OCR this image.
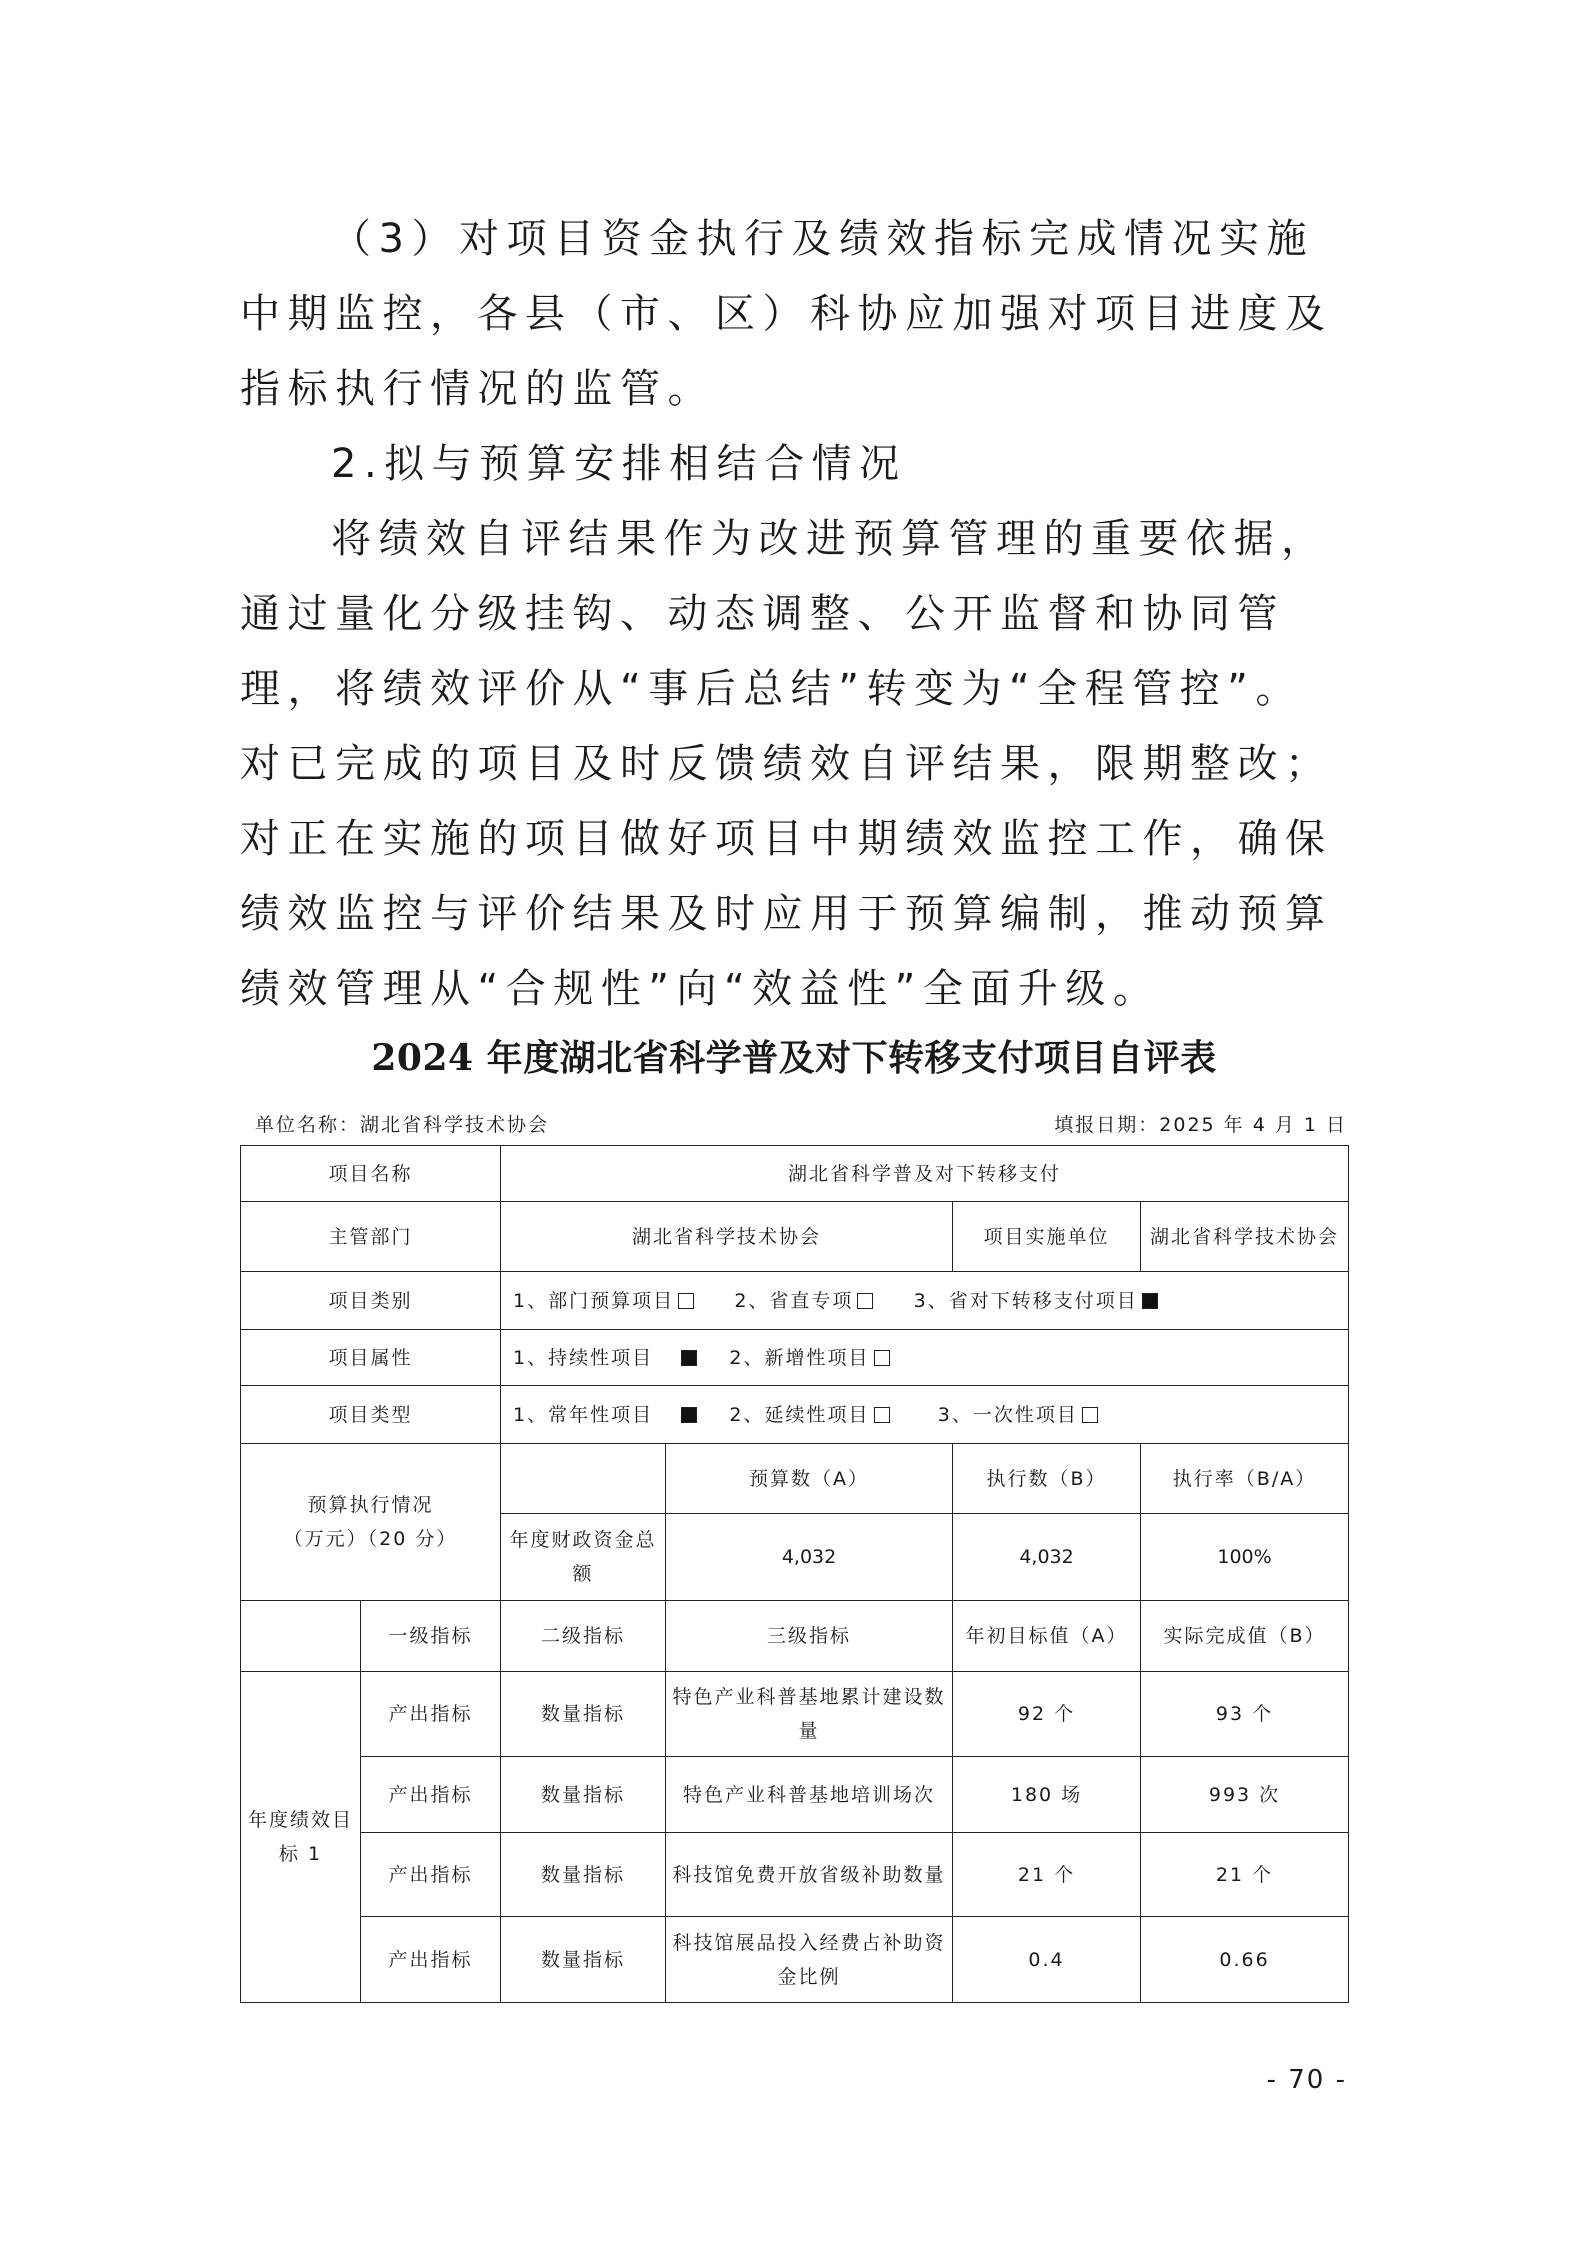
（3）对项目资金执行及绩效指标完成情况实施中期监控，各县（市、区）科协应加强对项目进度及指标执行情况的监管。

2.拟与预算安排相结合情况

将绩效自评结果作为改进预算管理的重要依据，通过量化分级挂钩、动态调整、公开监督和协同管理，将绩效评价从“事后总结”转变为“全程管控”。对已完成的项目及时反馈绩效自评结果，限期整改；对正在实施的项目做好项目中期绩效监控工作，确保绩效监控与评价结果及时应用于预算编制，推动预算绩效管理从“合规性”向“效益性”全面升级。

2024 年度湖北省科学普及对下转移支付项目自评表
单位名称：湖北省科学技术协会	填报日期：2025 年 4 月 1 日
项目名称		湖北省科学普及对下转移支付			
主管部门		湖北省科学技术协会		项目实施单位	湖北省科学技术协会
项目类别		1、部门预算项目 2、省直专项 3、省对下转移支付项目			
项目属性		1、持续性项目 2、新增性项目			
项目类型		1、常年性项目 2、延续性项目 3、一次性项目			

预算执行情况
（万元）（20 分）			预算数（A）	执行数（B）	执行率（B/A）
		年度财政资金总额	4,032	4,032	100%
	一级指标	二级指标	三级指标	年初目标值（A）	实际完成值（B）
年度绩效目标 1	产出指标	数量指标	特色产业科普基地累计建设数量	92 个	93 个
	产出指标	数量指标	特色产业科普基地培训场次	180 场	993 次
	产出指标	数量指标	科技馆免费开放省级补助数量	21 个	21 个
	产出指标	数量指标	科技馆展品投入经费占补助资金比例	0.4	0.66
- 70 -
